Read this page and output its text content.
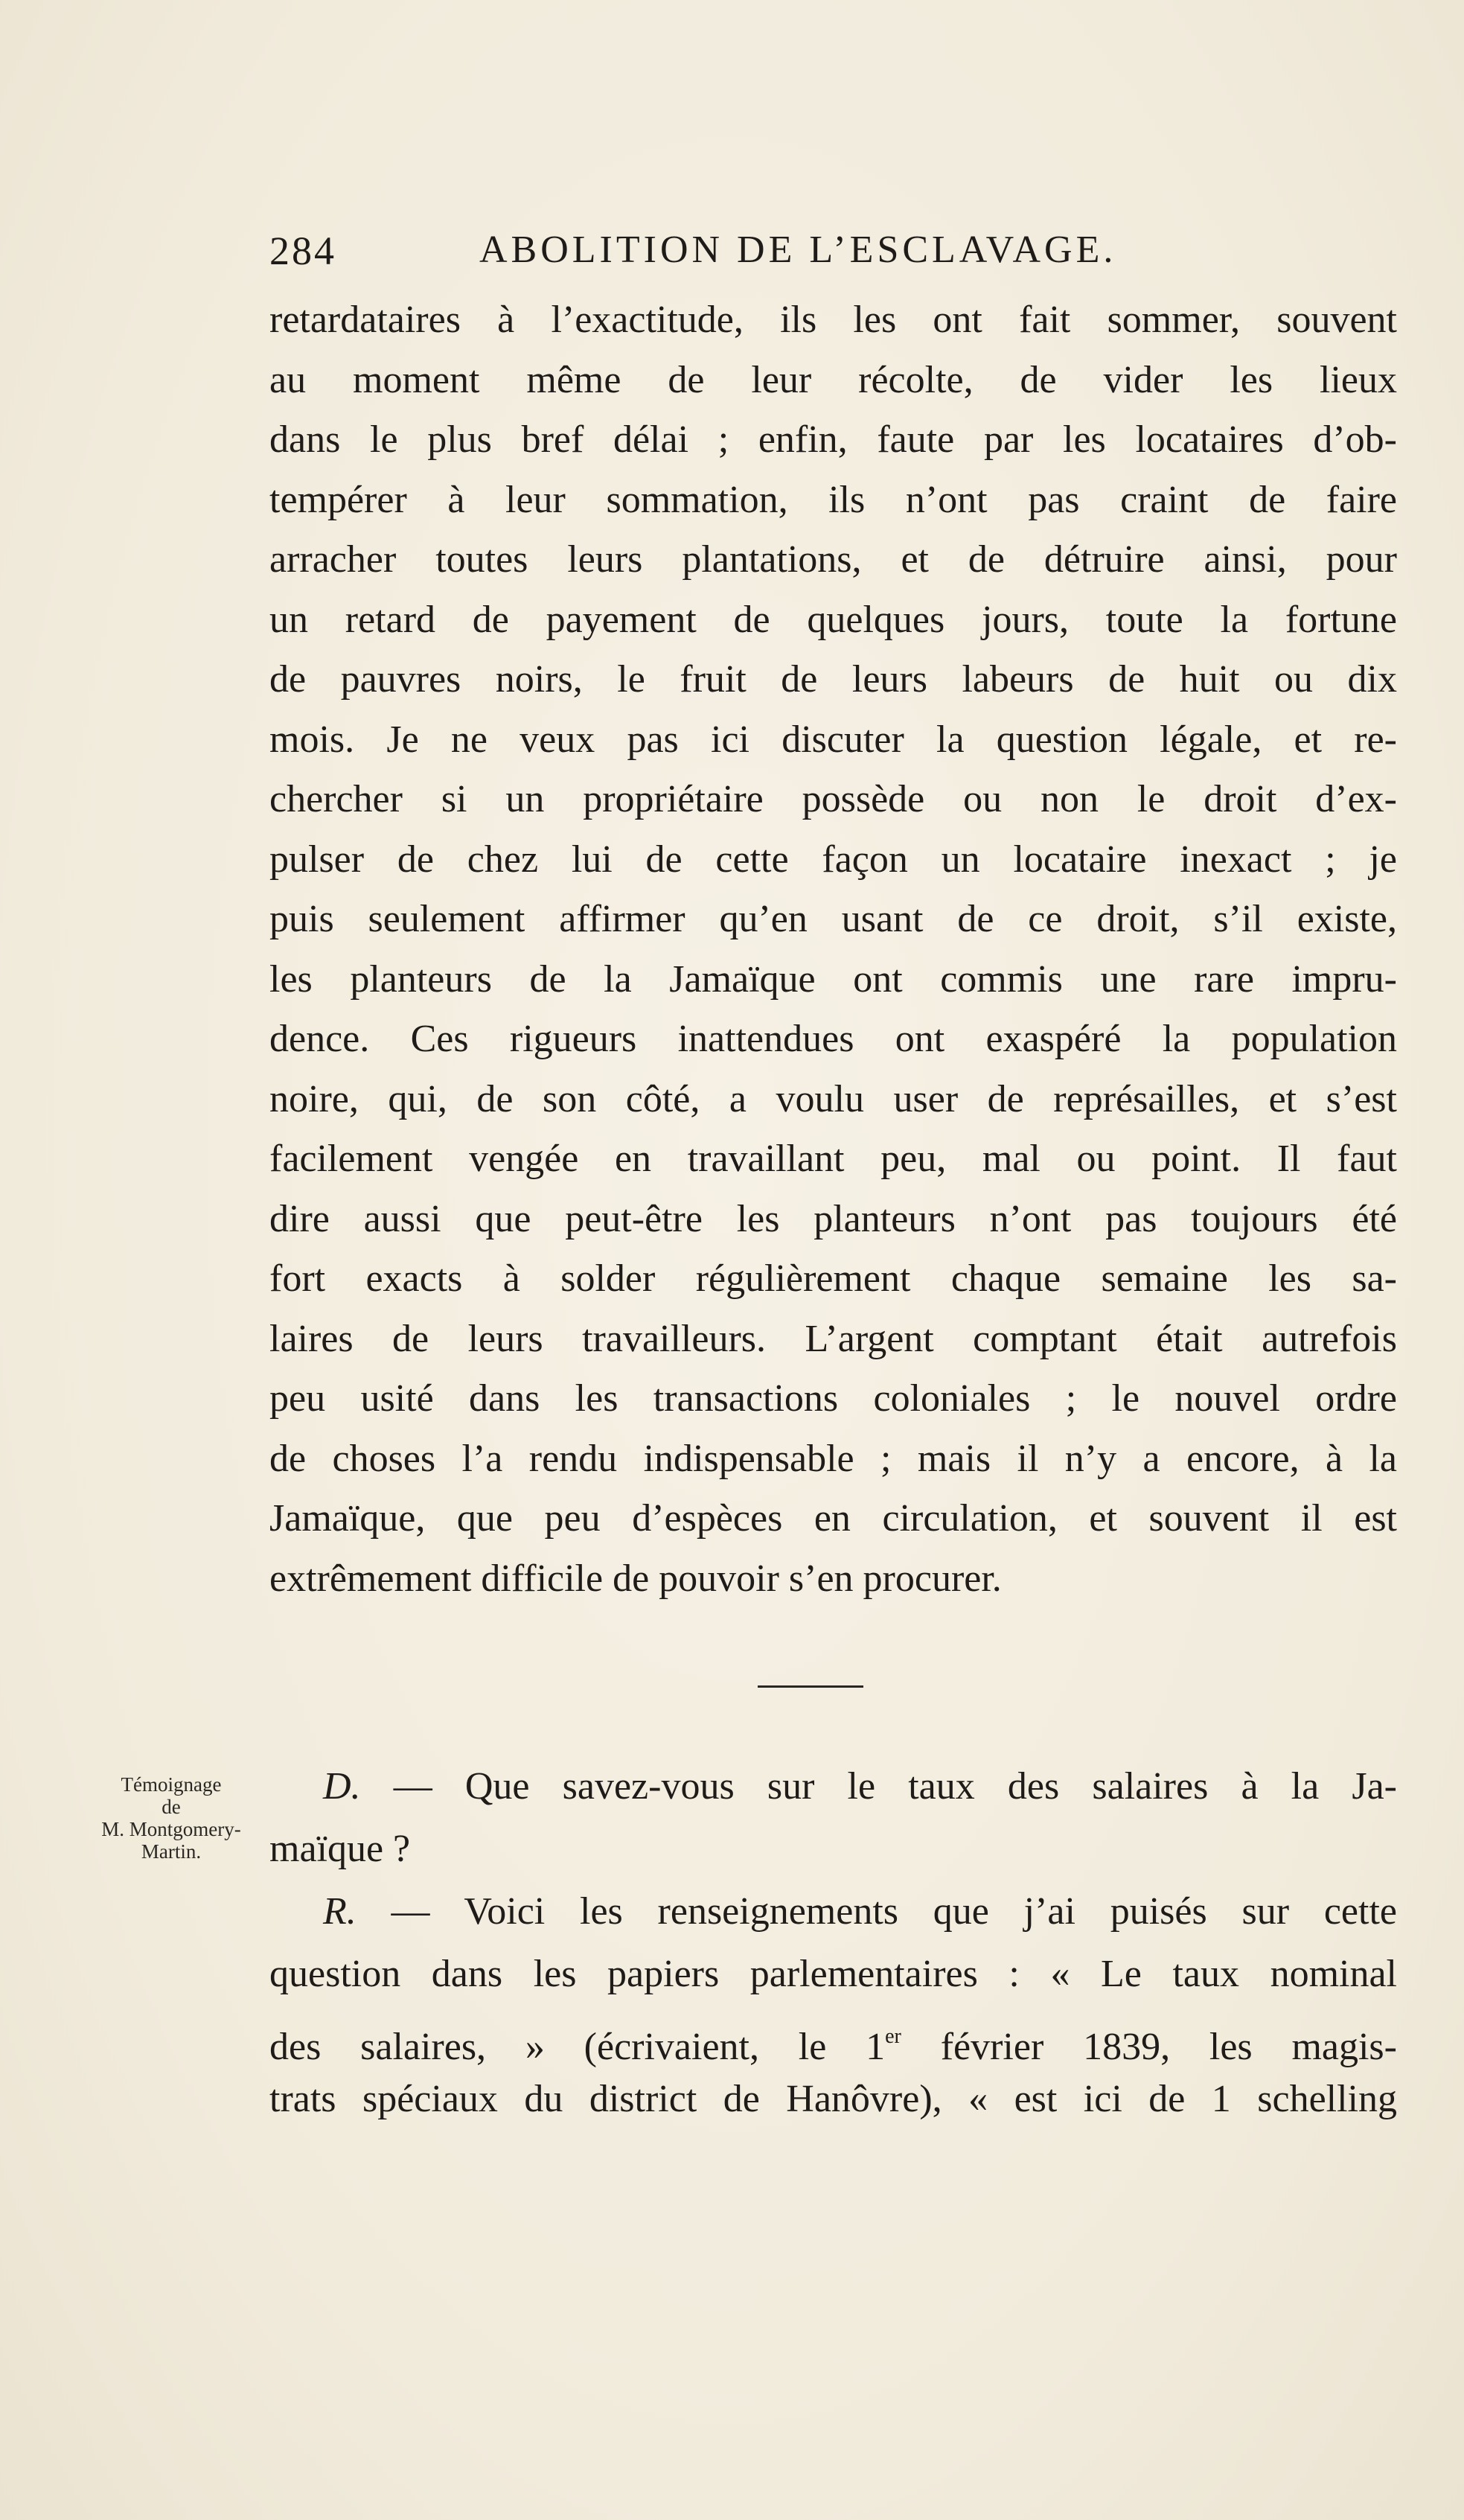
284	ABOLITION DE L’ESCLAVAGE.
retardataires à l’exactitude, ils les ont fait sommer, souvent
au moment même de leur récolte, de vider les lieux
dans le plus bref délai ; enfin, faute par les locataires d’ob-
tempérer à leur sommation, ils n’ont pas craint de faire
arracher toutes leurs plantations, et de détruire ainsi, pour
un retard de payement de quelques jours, toute la fortune
de pauvres noirs, le fruit de leurs labeurs de huit ou dix
mois. Je ne veux pas ici discuter la question légale, et re-
chercher si un propriétaire possède ou non le droit d’ex-
pulser de chez lui de cette façon un locataire inexact ; je
puis seulement affirmer qu’en usant de ce droit, s’il existe,
les planteurs de la Jamaïque ont commis une rare impru-
dence. Ces rigueurs inattendues ont exaspéré la population
noire, qui, de son côté, a voulu user de représailles, et s’est
facilement vengée en travaillant peu, mal ou point. Il faut
dire aussi que peut-être les planteurs n’ont pas toujours été
fort exacts à solder régulièrement chaque semaine les sa-
laires de leurs travailleurs. L’argent comptant était autrefois
peu usité dans les transactions coloniales ; le nouvel ordre
de choses l’a rendu indispensable ; mais il n’y a encore, à la
Jamaïque, que peu d’espèces en circulation, et souvent il est
extrêmement difficile de pouvoir s’en procurer.
Témoignage
de
M. Montgomery-
Martin.
D. — Que savez-vous sur le taux des salaires à la Ja-
maïque ?
R. — Voici les renseignements que j’ai puisés sur cette
question dans les papiers parlementaires : « Le taux nominal
des salaires, » (écrivaient, le 1er février 1839, les magis-
trats spéciaux du district de Hanôvre), « est ici de 1 schelling
